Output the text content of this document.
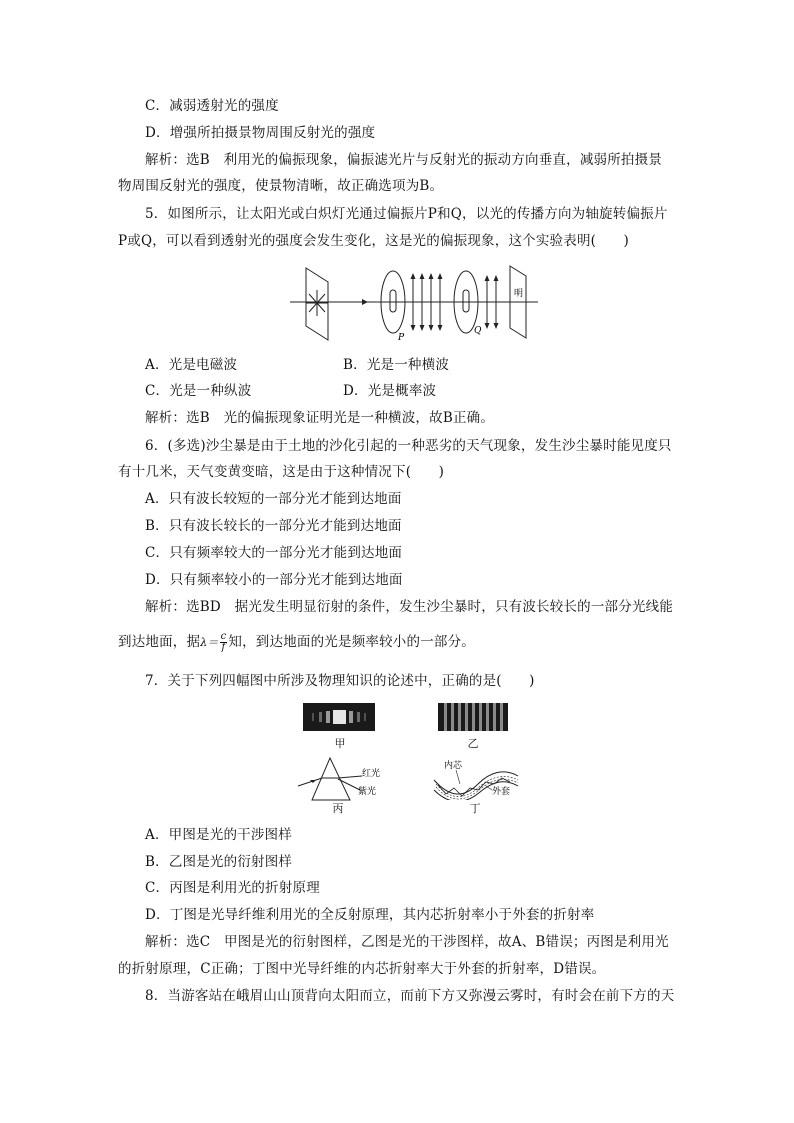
C．减弱透射光的强度
D．增强所拍摄景物周围反射光的强度
解析：选B　利用光的偏振现象，偏振滤光片与反射光的振动方向垂直，减弱所拍摄景
物周围反射光的强度，使景物清晰，故正确选项为B。
5．如图所示，让太阳光或白炽灯光通过偏振片P和Q，以光的传播方向为轴旋转偏振片
P或Q，可以看到透射光的强度会发生变化，这是光的偏振现象，这个实验表明(　　)
P
Q
明
A．光是电磁波	B．光是一种横波
C．光是一种纵波	D．光是概率波
解析：选B　光的偏振现象证明光是一种横波，故B正确。
6．(多选)沙尘暴是由于土地的沙化引起的一种恶劣的天气现象，发生沙尘暴时能见度只
有十几米，天气变黄变暗，这是由于这种情况下(　　)
A．只有波长较短的一部分光才能到达地面
B．只有波长较长的一部分光才能到达地面
C．只有频率较大的一部分光才能到达地面
D．只有频率较小的一部分光才能到达地面
解析：选BD　据光发生明显衍射的条件，发生沙尘暴时，只有波长较长的一部分光线能
到达地面，据$\lambda= \frac{c}{f}$ 知，到达地面的光是频率较小的一部分。
7．关于下列四幅图中所涉及物理知识的论述中，正确的是(　　)
甲	乙
红光
紫光
丙
内芯
外套
丁
A．甲图是光的干涉图样
B．乙图是光的衍射图样
C．丙图是利用光的折射原理
D．丁图是光导纤维利用光的全反射原理，其内芯折射率小于外套的折射率
解析：选C　甲图是光的衍射图样，乙图是光的干涉图样，故A、B错误；丙图是利用光
的折射原理，C正确；丁图中光导纤维的内芯折射率大于外套的折射率，D错误。
8．当游客站在峨眉山山顶背向太阳而立，而前下方又弥漫云雾时，有时会在前下方的天
